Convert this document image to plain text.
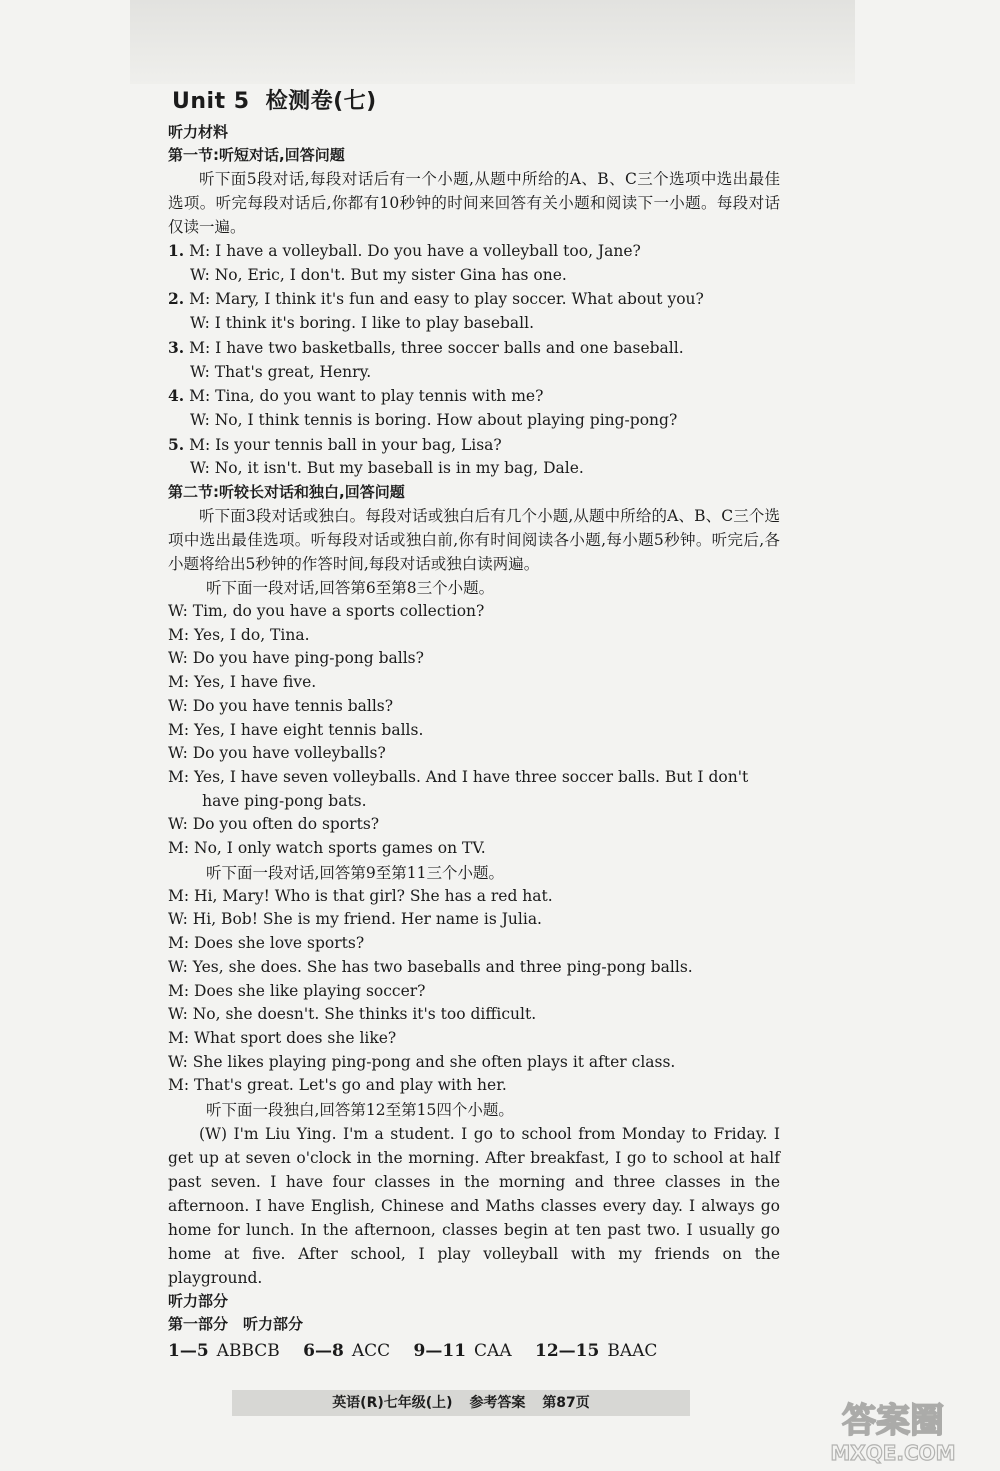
Unit 5 检测卷(七)
听力材料
第一节:听短对话,回答问题
听下面5段对话,每段对话后有一个小题,从题中所给的A、B、C三个选项中选出最佳选项。听完每段对话后,你都有10秒钟的时间来回答有关小题和阅读下一小题。每段对话仅读一遍。
1. M: I have a volleyball. Do you have a volleyball too, Jane?
W: No, Eric, I don't. But my sister Gina has one.
2. M: Mary, I think it's fun and easy to play soccer. What about you?
W: I think it's boring. I like to play baseball.
3. M: I have two basketballs, three soccer balls and one baseball.
W: That's great, Henry.
4. M: Tina, do you want to play tennis with me?
W: No, I think tennis is boring. How about playing ping-pong?
5. M: Is your tennis ball in your bag, Lisa?
W: No, it isn't. But my baseball is in my bag, Dale.
第二节:听较长对话和独白,回答问题
听下面3段对话或独白。每段对话或独白后有几个小题,从题中所给的A、B、C三个选项中选出最佳选项。听每段对话或独白前,你有时间阅读各小题,每小题5秒钟。听完后,各小题将给出5秒钟的作答时间,每段对话或独白读两遍。
听下面一段对话,回答第6至第8三个小题。
W: Tim, do you have a sports collection?
M: Yes, I do, Tina.
W: Do you have ping-pong balls?
M: Yes, I have five.
W: Do you have tennis balls?
M: Yes, I have eight tennis balls.
W: Do you have volleyballs?
M: Yes, I have seven volleyballs. And I have three soccer balls. But I don't have ping-pong bats.
W: Do you often do sports?
M: No, I only watch sports games on TV.
听下面一段对话,回答第9至第11三个小题。
M: Hi, Mary! Who is that girl? She has a red hat.
W: Hi, Bob! She is my friend. Her name is Julia.
M: Does she love sports?
W: Yes, she does. She has two baseballs and three ping-pong balls.
M: Does she like playing soccer?
W: No, she doesn't. She thinks it's too difficult.
M: What sport does she like?
W: She likes playing ping-pong and she often plays it after class.
M: That's great. Let's go and play with her.
听下面一段独白,回答第12至第15四个小题。
(W) I'm Liu Ying. I'm a student. I go to school from Monday to Friday. I get up at seven o'clock in the morning. After breakfast, I go to school at half past seven. I have four classes in the morning and three classes in the afternoon. I have English, Chinese and Maths classes every day. I always go home for lunch. In the afternoon, classes begin at ten past two. I usually go home at five. After school, I play volleyball with my friends on the playground.
听力部分
第一部分　听力部分
1—5 ABBCB 6—8 ACC 9—11 CAA 12—15 BAAC
英语(R)七年级(上) 参考答案 第87页	答案圈
MXQE.COM
